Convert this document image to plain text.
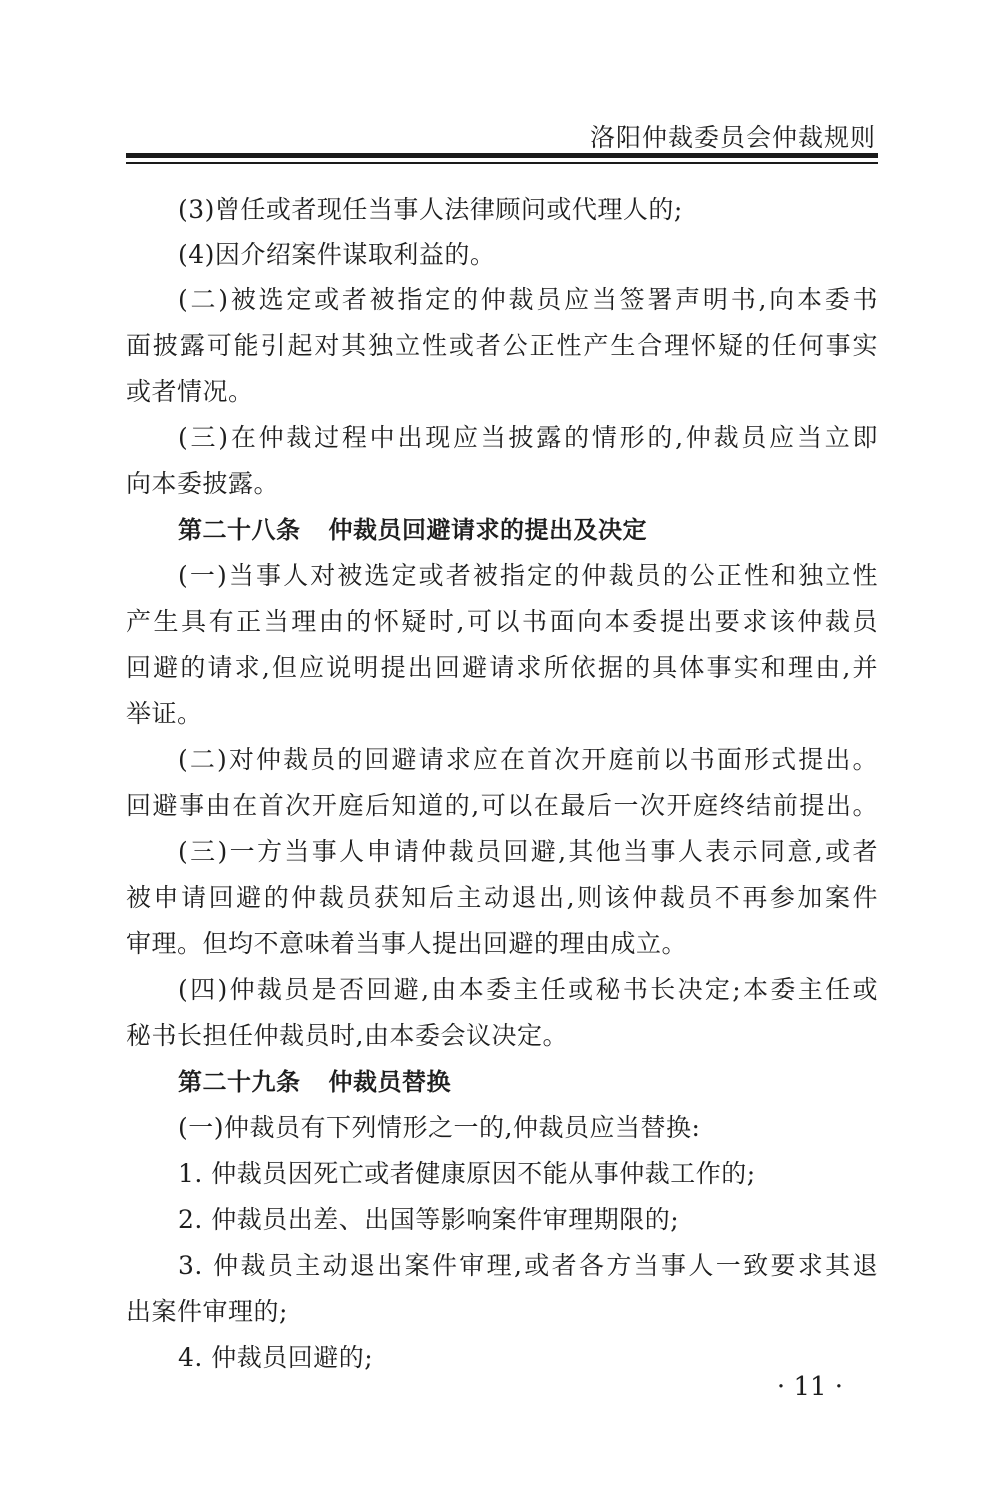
洛阳仲裁委员会仲裁规则
(3)曾任或者现任当事人法律顾问或代理人的;
(4)因介绍案件谋取利益的。
(二)被选定或者被指定的仲裁员应当签署声明书,向本委书
面披露可能引起对其独立性或者公正性产生合理怀疑的任何事实
或者情况。
(三)在仲裁过程中出现应当披露的情形的,仲裁员应当立即
向本委披露。
第二十八条 仲裁员回避请求的提出及决定
(一)当事人对被选定或者被指定的仲裁员的公正性和独立性
产生具有正当理由的怀疑时,可以书面向本委提出要求该仲裁员
回避的请求,但应说明提出回避请求所依据的具体事实和理由,并
举证。
(二)对仲裁员的回避请求应在首次开庭前以书面形式提出。
回避事由在首次开庭后知道的,可以在最后一次开庭终结前提出。
(三)一方当事人申请仲裁员回避,其他当事人表示同意,或者
被申请回避的仲裁员获知后主动退出,则该仲裁员不再参加案件
审理。但均不意味着当事人提出回避的理由成立。
(四)仲裁员是否回避,由本委主任或秘书长决定;本委主任或
秘书长担任仲裁员时,由本委会议决定。
第二十九条 仲裁员替换
(一)仲裁员有下列情形之一的,仲裁员应当替换:
1. 仲裁员因死亡或者健康原因不能从事仲裁工作的;
2. 仲裁员出差、出国等影响案件审理期限的;
3. 仲裁员主动退出案件审理,或者各方当事人一致要求其退
出案件审理的;
4. 仲裁员回避的;
· 11 ·
